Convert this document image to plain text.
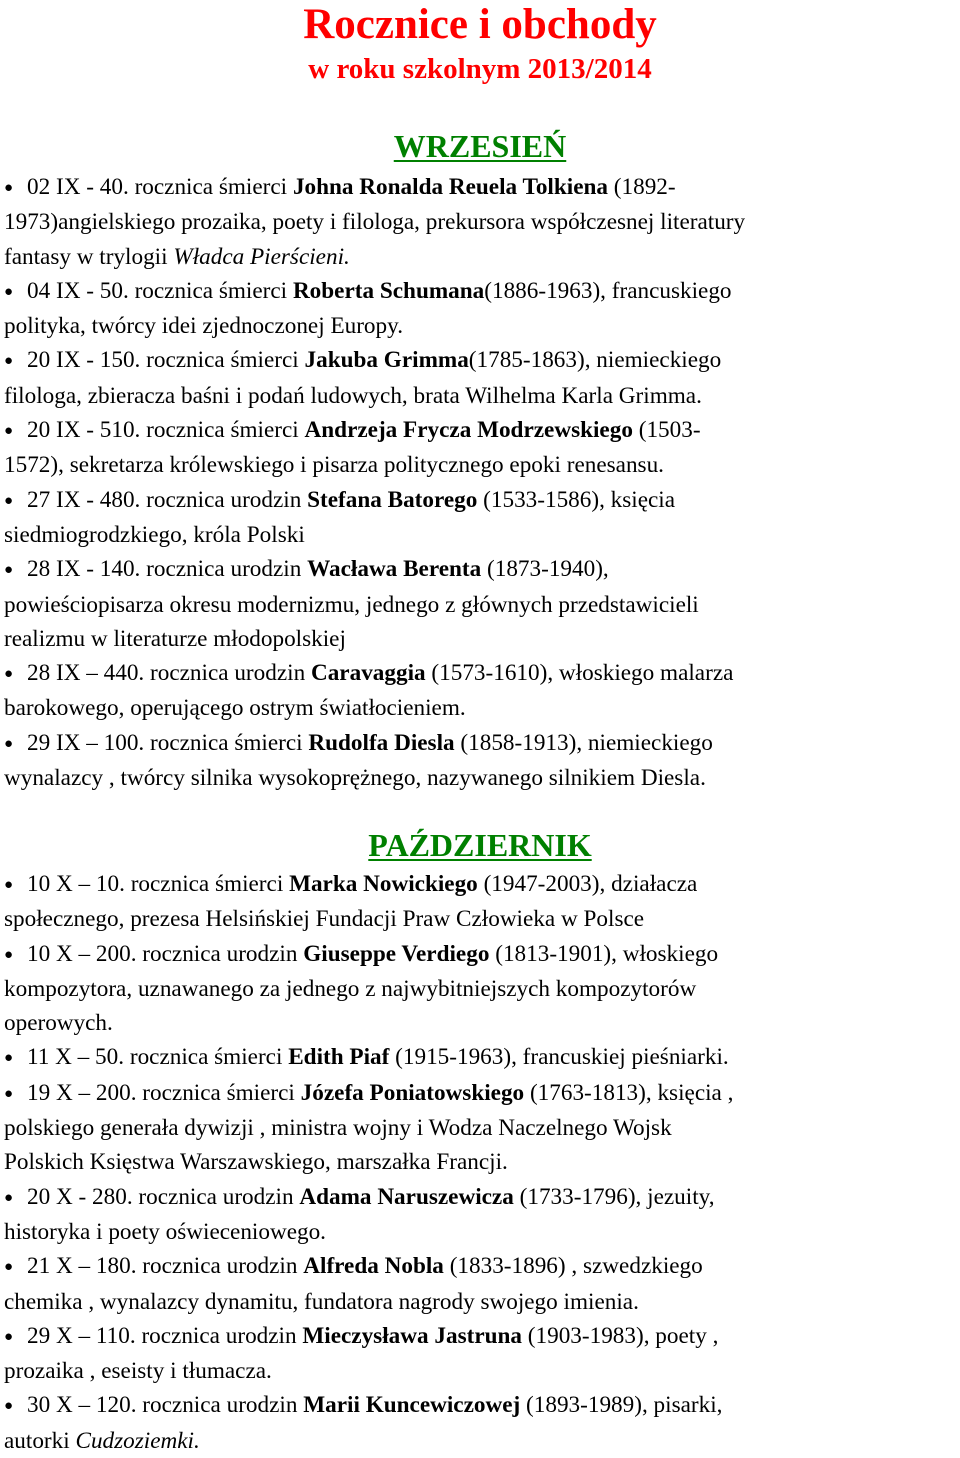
Rocznice i obchody
w roku szkolnym 2013/2014
WRZESIEŃ
● 02 IX - 40. rocznica śmierci Johna Ronalda Reuela Tolkiena (1892-
1973)angielskiego prozaika, poety i filologa, prekursora współczesnej literatury
fantasy w trylogii Władca Pierścieni.
● 04 IX - 50. rocznica śmierci Roberta Schumana(1886-1963), francuskiego
polityka, twórcy idei zjednoczonej Europy.
● 20 IX - 150. rocznica śmierci Jakuba Grimma(1785-1863), niemieckiego
filologa, zbieracza baśni i podań ludowych, brata Wilhelma Karla Grimma.
● 20 IX - 510. rocznica śmierci Andrzeja Frycza Modrzewskiego (1503-
1572), sekretarza królewskiego i pisarza politycznego epoki renesansu.
● 27 IX - 480. rocznica urodzin Stefana Batorego (1533-1586), księcia
siedmiogrodzkiego, króla Polski
● 28 IX - 140. rocznica urodzin Wacława Berenta (1873-1940),
powieściopisarza okresu modernizmu, jednego z głównych przedstawicieli
realizmu w literaturze młodopolskiej
● 28 IX – 440. rocznica urodzin Caravaggia (1573-1610), włoskiego malarza
barokowego, operującego ostrym światłocieniem.
● 29 IX – 100. rocznica śmierci Rudolfa Diesla (1858-1913), niemieckiego
wynalazcy , twórcy silnika wysokoprężnego, nazywanego silnikiem Diesla.
PAŹDZIERNIK
● 10 X – 10. rocznica śmierci Marka Nowickiego (1947-2003), działacza
społecznego, prezesa Helsińskiej Fundacji Praw Człowieka w Polsce
● 10 X – 200. rocznica urodzin Giuseppe Verdiego (1813-1901), włoskiego
kompozytora, uznawanego za jednego z najwybitniejszych kompozytorów
operowych.
● 11 X – 50. rocznica śmierci Edith Piaf (1915-1963), francuskiej pieśniarki.
● 19 X – 200. rocznica śmierci Józefa Poniatowskiego (1763-1813), księcia ,
polskiego generała dywizji , ministra wojny i Wodza Naczelnego Wojsk
Polskich Księstwa Warszawskiego, marszałka Francji.
● 20 X - 280. rocznica urodzin Adama Naruszewicza (1733-1796), jezuity,
historyka i poety oświeceniowego.
● 21 X – 180. rocznica urodzin Alfreda Nobla (1833-1896) , szwedzkiego
chemika , wynalazcy dynamitu, fundatora nagrody swojego imienia.
● 29 X – 110. rocznica urodzin Mieczysława Jastruna (1903-1983), poety ,
prozaika , eseisty i tłumacza.
● 30 X – 120. rocznica urodzin Marii Kuncewiczowej (1893-1989), pisarki,
autorki Cudzoziemki.
